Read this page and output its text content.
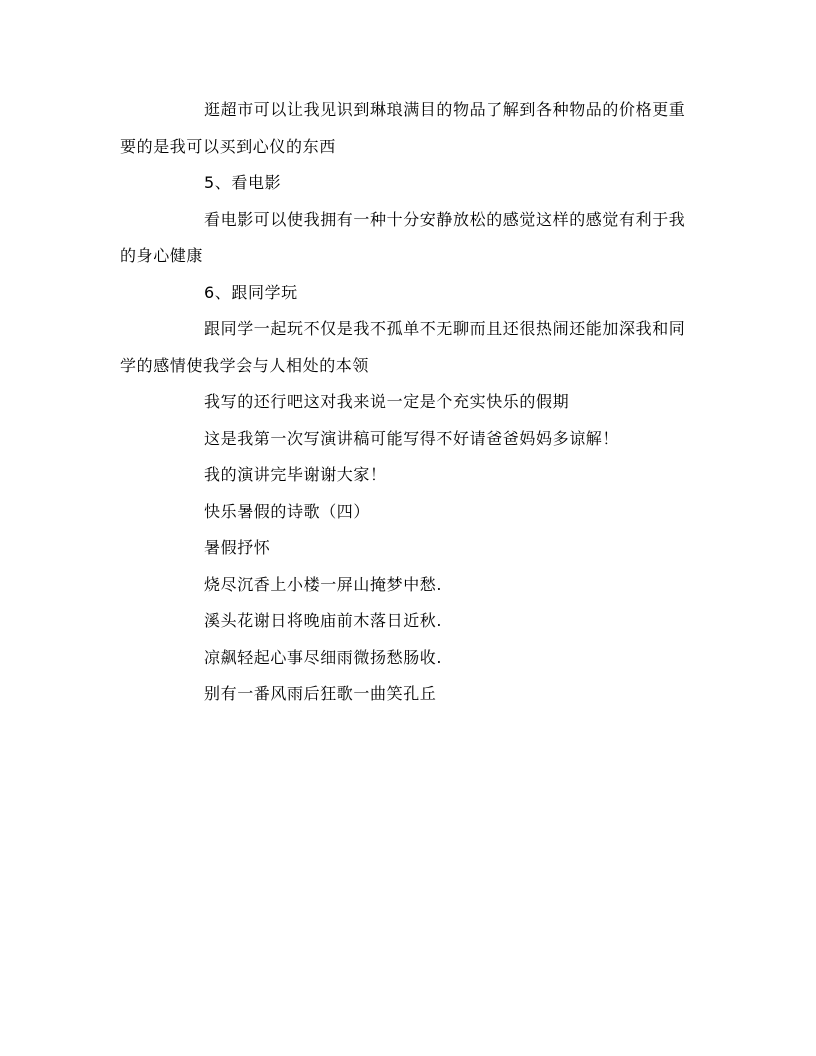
逛超市可以让我见识到琳琅满目的物品了解到各种物品的价格更重要的是我可以买到心仪的东西

5、看电影

看电影可以使我拥有一种十分安静放松的感觉这样的感觉有利于我的身心健康

6、跟同学玩

跟同学一起玩不仅是我不孤单不无聊而且还很热闹还能加深我和同学的感情使我学会与人相处的本领

我写的还行吧这对我来说一定是个充实快乐的假期

这是我第一次写演讲稿可能写得不好请爸爸妈妈多谅解！

我的演讲完毕谢谢大家！

快乐暑假的诗歌（四）

暑假抒怀

烧尽沉香上小楼一屏山掩梦中愁.

溪头花谢日将晚庙前木落日近秋.

凉飙轻起心事尽细雨微扬愁肠收.

别有一番风雨后狂歌一曲笑孔丘
